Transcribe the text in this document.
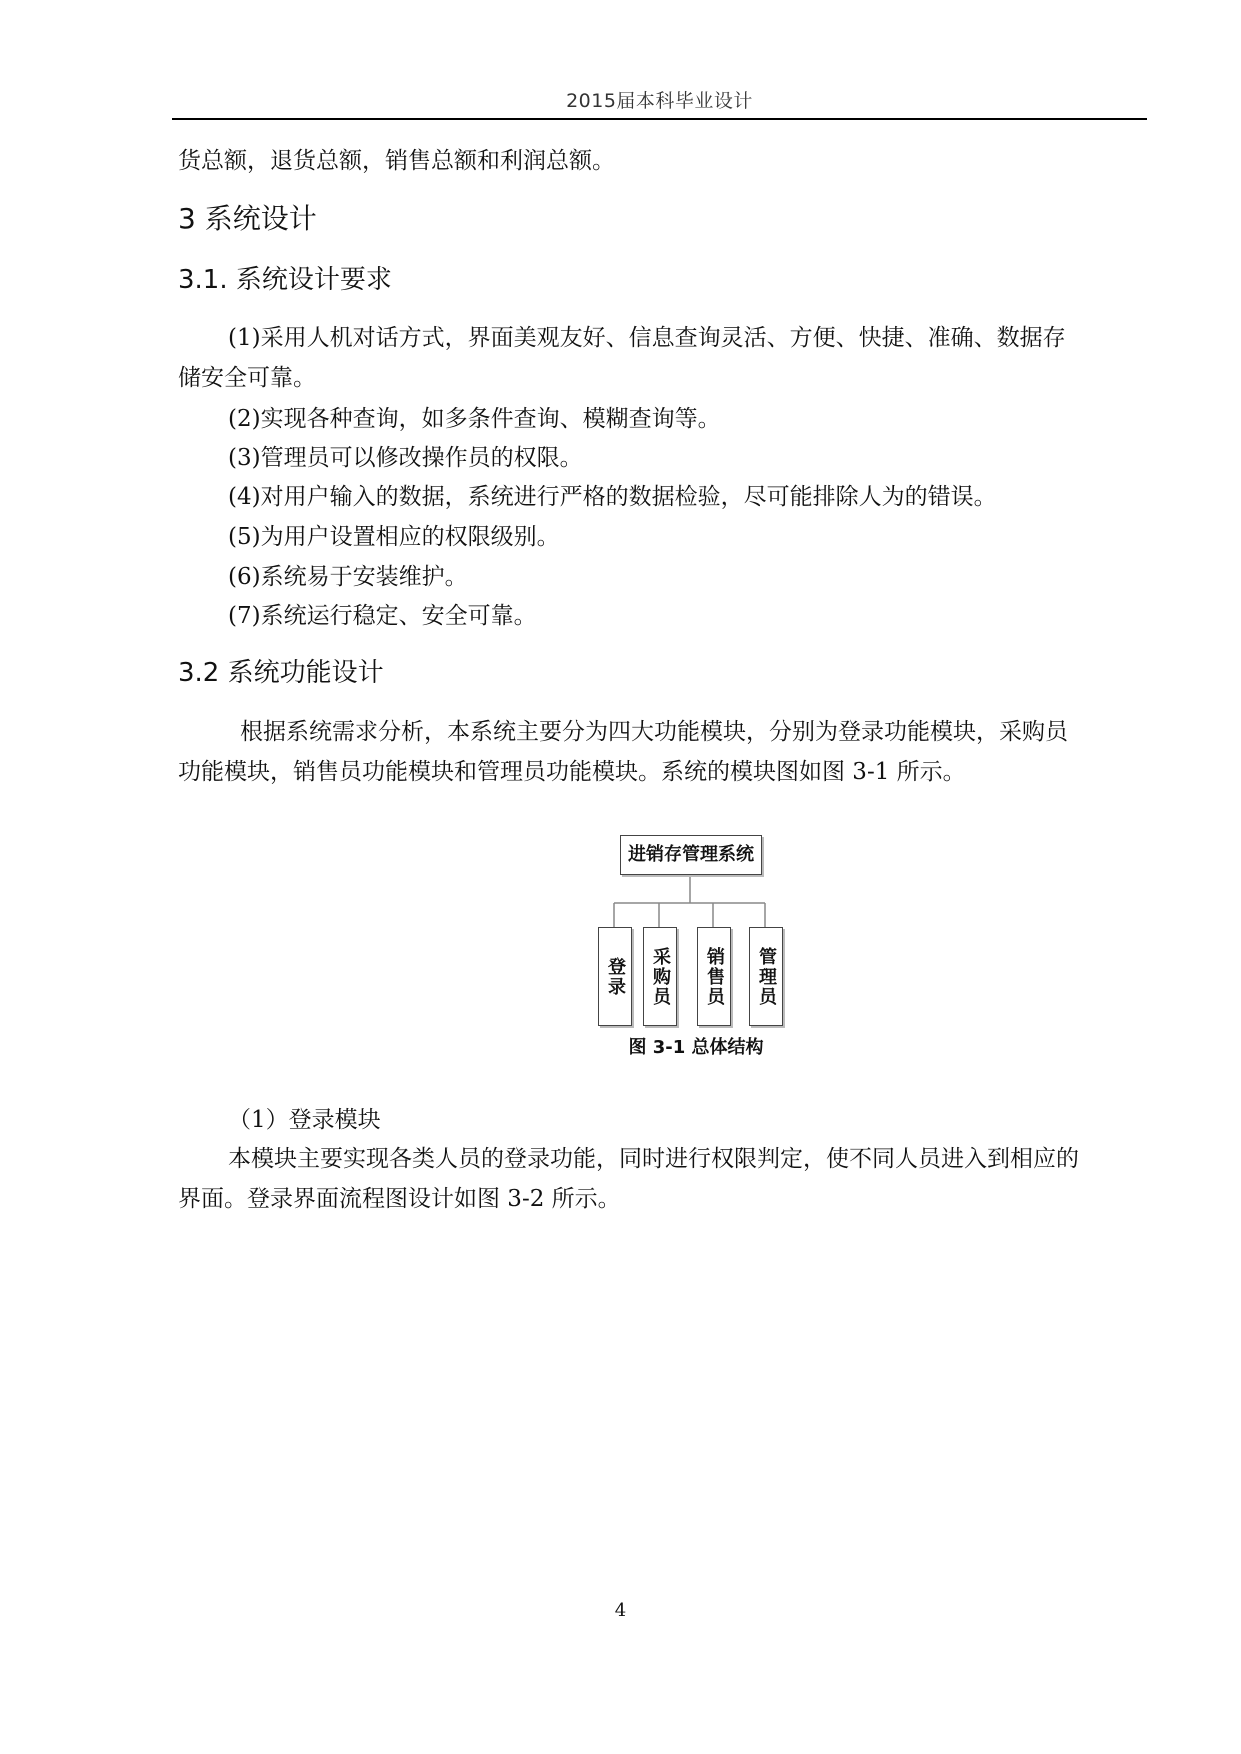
2015届本科毕业设计
货总额，退货总额，销售总额和利润总额。
3 系统设计
3.1. 系统设计要求
(1)采用人机对话方式，界面美观友好、信息查询灵活、方便、快捷、准确、数据存
储安全可靠。
(2)实现各种查询，如多条件查询、模糊查询等。
(3)管理员可以修改操作员的权限。
(4)对用户输入的数据，系统进行严格的数据检验，尽可能排除人为的错误。
(5)为用户设置相应的权限级别。
(6)系统易于安装维护。
(7)系统运行稳定、安全可靠。
3.2 系统功能设计
根据系统需求分析，本系统主要分为四大功能模块，分别为登录功能模块，采购员
功能模块，销售员功能模块和管理员功能模块。系统的模块图如图 3-1 所示。
进销存管理系统
登录 采购员 销售员 管理员
图 3-1 总体结构
（1）登录模块
本模块主要实现各类人员的登录功能，同时进行权限判定，使不同人员进入到相应的
界面。登录界面流程图设计如图 3-2 所示。
4
